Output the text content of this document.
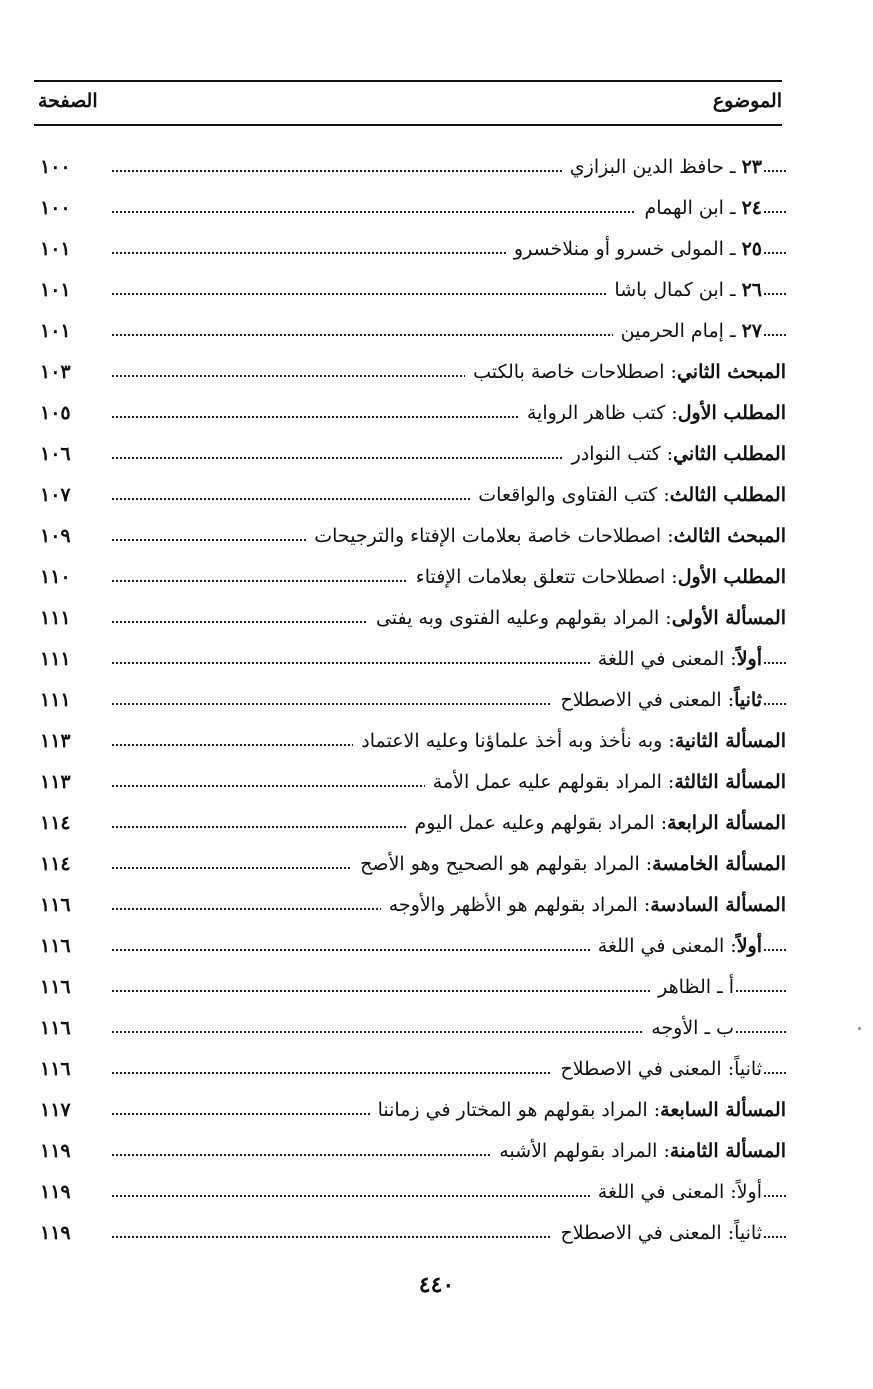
الموضوع
الصفحة
٢٣ ـ حافظ الدين البزازي
١٠٠
٢٤ ـ ابن الهمام
١٠٠
٢٥ ـ المولى خسرو أو منلاخسرو
١٠١
٢٦ ـ ابن كمال باشا
١٠١
٢٧ ـ إمام الحرمين
١٠١
المبحث الثاني: اصطلاحات خاصة بالكتب
١٠٣
المطلب الأول: كتب ظاهر الرواية
١٠٥
المطلب الثاني: كتب النوادر
١٠٦
المطلب الثالث: كتب الفتاوى والواقعات
١٠٧
المبحث الثالث: اصطلاحات خاصة بعلامات الإفتاء والترجيحات
١٠٩
المطلب الأول: اصطلاحات تتعلق بعلامات الإفتاء
١١٠
المسألة الأولى: المراد بقولهم وعليه الفتوى وبه يفتى
١١١
أولاً: المعنى في اللغة
١١١
ثانياً: المعنى في الاصطلاح
١١١
المسألة الثانية: وبه نأخذ وبه أخذ علماؤنا وعليه الاعتماد
١١٣
المسألة الثالثة: المراد بقولهم عليه عمل الأمة
١١٣
المسألة الرابعة: المراد بقولهم وعليه عمل اليوم
١١٤
المسألة الخامسة: المراد بقولهم هو الصحيح وهو الأصح
١١٤
المسألة السادسة: المراد بقولهم هو الأظهر والأوجه
١١٦
أولاً: المعنى في اللغة
١١٦
أ ـ الظاهر
١١٦
ب ـ الأوجه
١١٦
ثانياً: المعنى في الاصطلاح
١١٦
المسألة السابعة: المراد بقولهم هو المختار في زماننا
١١٧
المسألة الثامنة: المراد بقولهم الأشبه
١١٩
أولاً: المعنى في اللغة
١١٩
ثانياً: المعنى في الاصطلاح
١١٩
٤٤٠
